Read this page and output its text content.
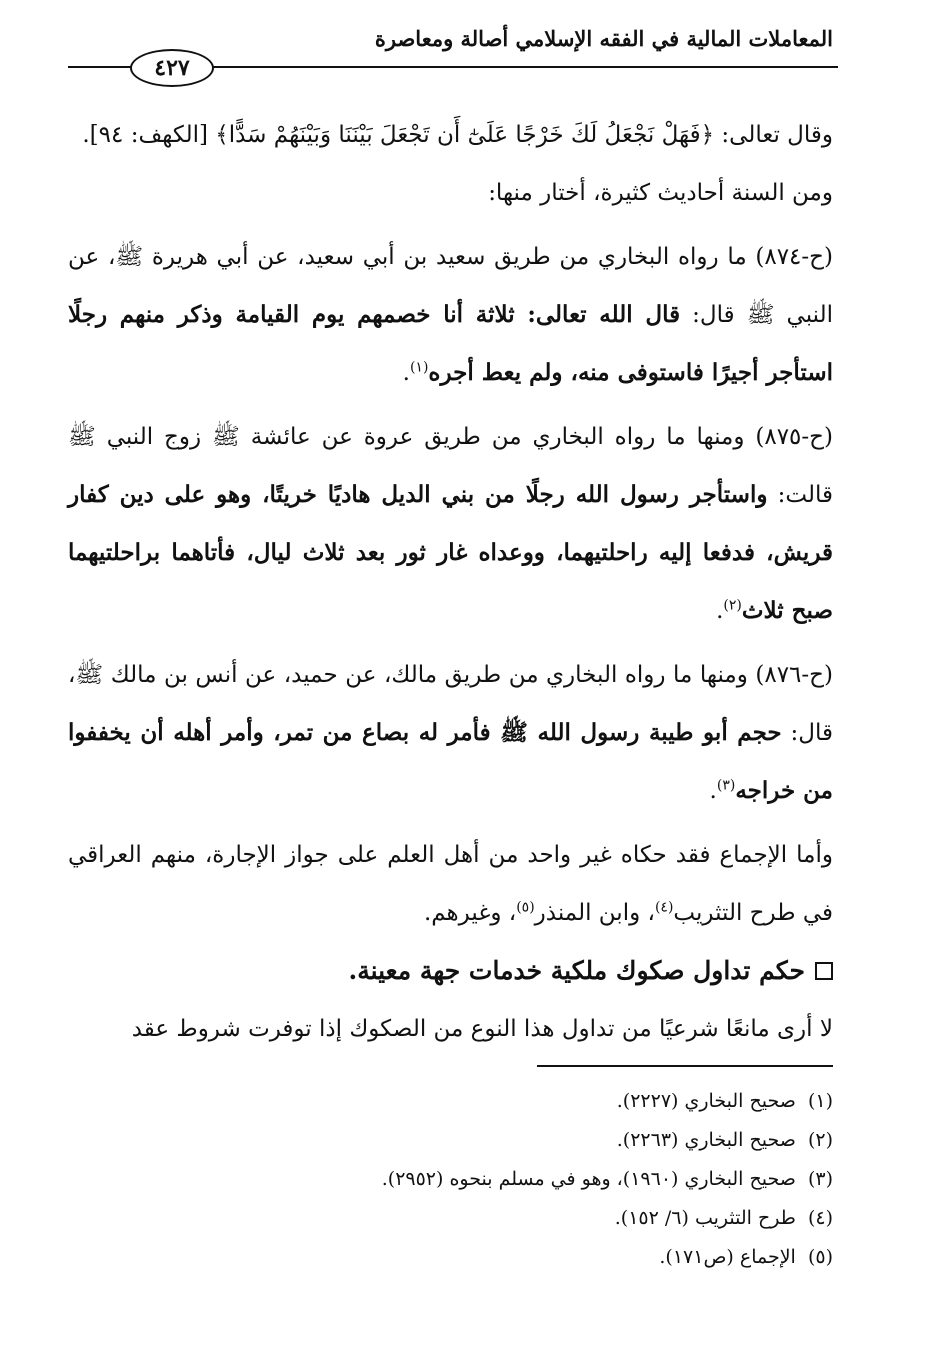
المعاملات المالية في الفقه الإسلامي أصالة ومعاصرة
٤٢٧

وقال تعالى: ﴿فَهَلْ نَجْعَلُ لَكَ خَرْجًا عَلَىٰٓ أَن تَجْعَلَ بَيْنَنَا وَبَيْنَهُمْ سَدًّا﴾ [الكهف: ٩٤].

ومن السنة أحاديث كثيرة، أختار منها:

(ح-٨٧٤) ما رواه البخاري من طريق سعيد بن أبي سعيد، عن أبي هريرة ﷺ، عن النبي ﷺ قال: قال الله تعالى: ثلاثة أنا خصمهم يوم القيامة وذكر منهم رجلًا استأجر أجيرًا فاستوفى منه، ولم يعط أجره$^{(١)}$.

(ح-٨٧٥) ومنها ما رواه البخاري من طريق عروة عن عائشة ﷺ زوج النبي ﷺ قالت: واستأجر رسول الله رجلًا من بني الديل هاديًا خريتًا، وهو على دين كفار قريش، فدفعا إليه راحلتيهما، ووعداه غار ثور بعد ثلاث ليال، فأتاهما براحلتيهما صبح ثلاث$^{(٢)}$.

(ح-٨٧٦) ومنها ما رواه البخاري من طريق مالك، عن حميد، عن أنس بن مالك ﷺ، قال: حجم أبو طيبة رسول الله ﷺ فأمر له بصاع من تمر، وأمر أهله أن يخففوا من خراجه$^{(٣)}$.

وأما الإجماع فقد حكاه غير واحد من أهل العلم على جواز الإجارة، منهم العراقي في طرح التثريب$^{(٤)}$، وابن المنذر$^{(٥)}$، وغيرهم.

حكم تداول صكوك ملكية خدمات جهة معينة.

لا أرى مانعًا شرعيًا من تداول هذا النوع من الصكوك إذا توفرت شروط عقد

(١)  صحيح البخاري (٢٢٢٧).

(٢)  صحيح البخاري (٢٢٦٣).

(٣)  صحيح البخاري (١٩٦٠)، وهو في مسلم بنحوه (٢٩٥٢).

(٤)  طرح التثريب (٦/ ١٥٢).

(٥)  الإجماع (ص١٧١).
